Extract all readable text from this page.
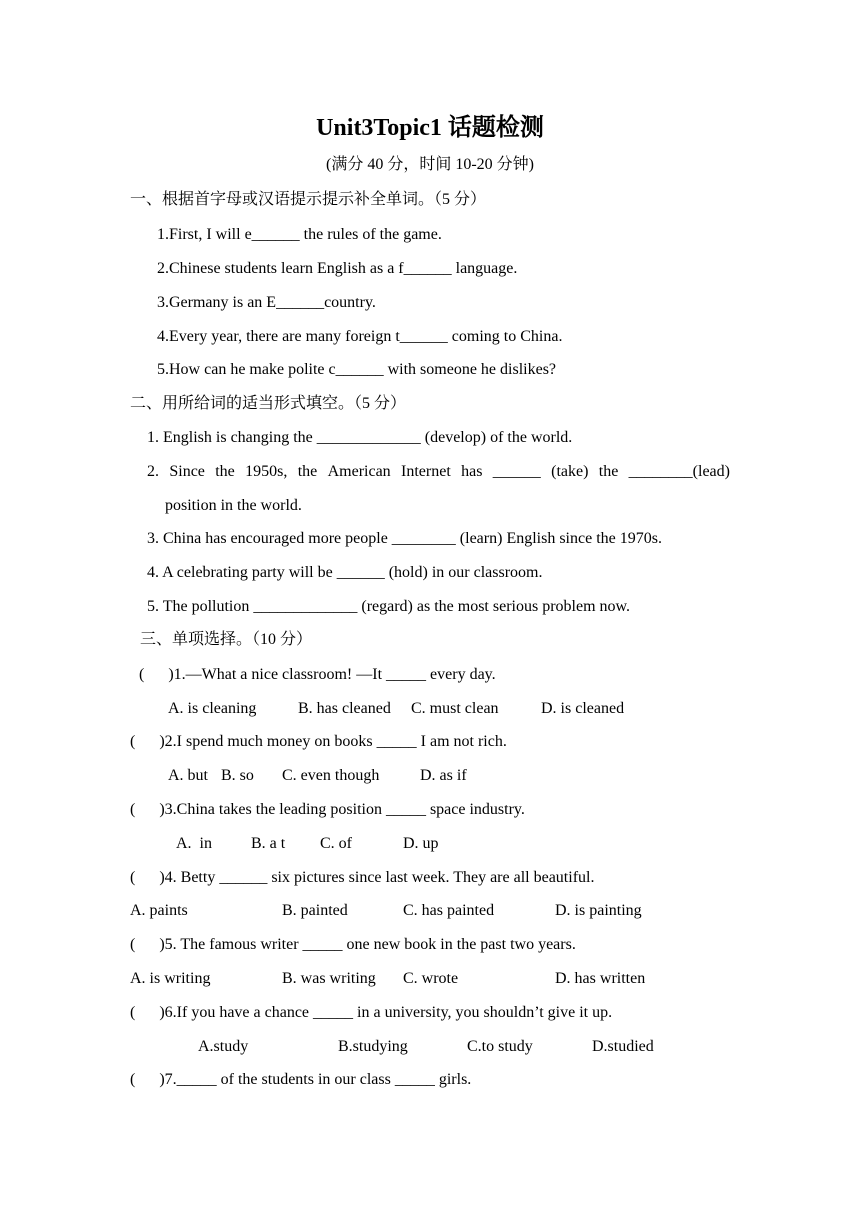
Unit3Topic1 话题检测
(满分 40 分，时间 10-20 分钟)
一、根据首字母或汉语提示提示补全单词。（5 分）
1.First, I will e______ the rules of the game.
2.Chinese students learn English as a f______ language.
3.Germany is an E______country.
4.Every year, there are many foreign t______ coming to China.
5.How can he make polite c______ with someone he dislikes?
二、用所给词的适当形式填空。（5 分）
1. English is changing the _____________ (develop) of the world.
2. Since the 1950s, the American Internet has ______ (take) the ________(lead)
position in the world.
3. China has encouraged more people ________ (learn) English since the 1970s.
4. A celebrating party will be ______ (hold) in our classroom.
5. The pollution _____________ (regard) as the most serious problem now.
三、单项选择。（10 分）
(      )1.—What a nice classroom! —It _____ every day.

A. is cleaning

	B. has cleaned

C. must clean

	D. is cleaned

(      )2.I spend much money on books _____ I am not rich.

A. but

B. so

C. even though

	D. as if

(      )3.China takes the leading position _____ space industry.

A.  in

B. a t

C. of

	D. up

(      )4. Betty ______ six pictures since last week. They are all beautiful.

A. paints

	B. painted

	C. has painted

	D. is painting

(      )5. The famous writer _____ one new book in the past two years.

A. is writing

	B. was writing

C. wrote

	D. has written

(      )6.If you have a chance _____ in a university, you shouldn’t give it up.

A.study

	B.studying

	C.to study

	D.studied

(      )7._____ of the students in our class _____ girls.
